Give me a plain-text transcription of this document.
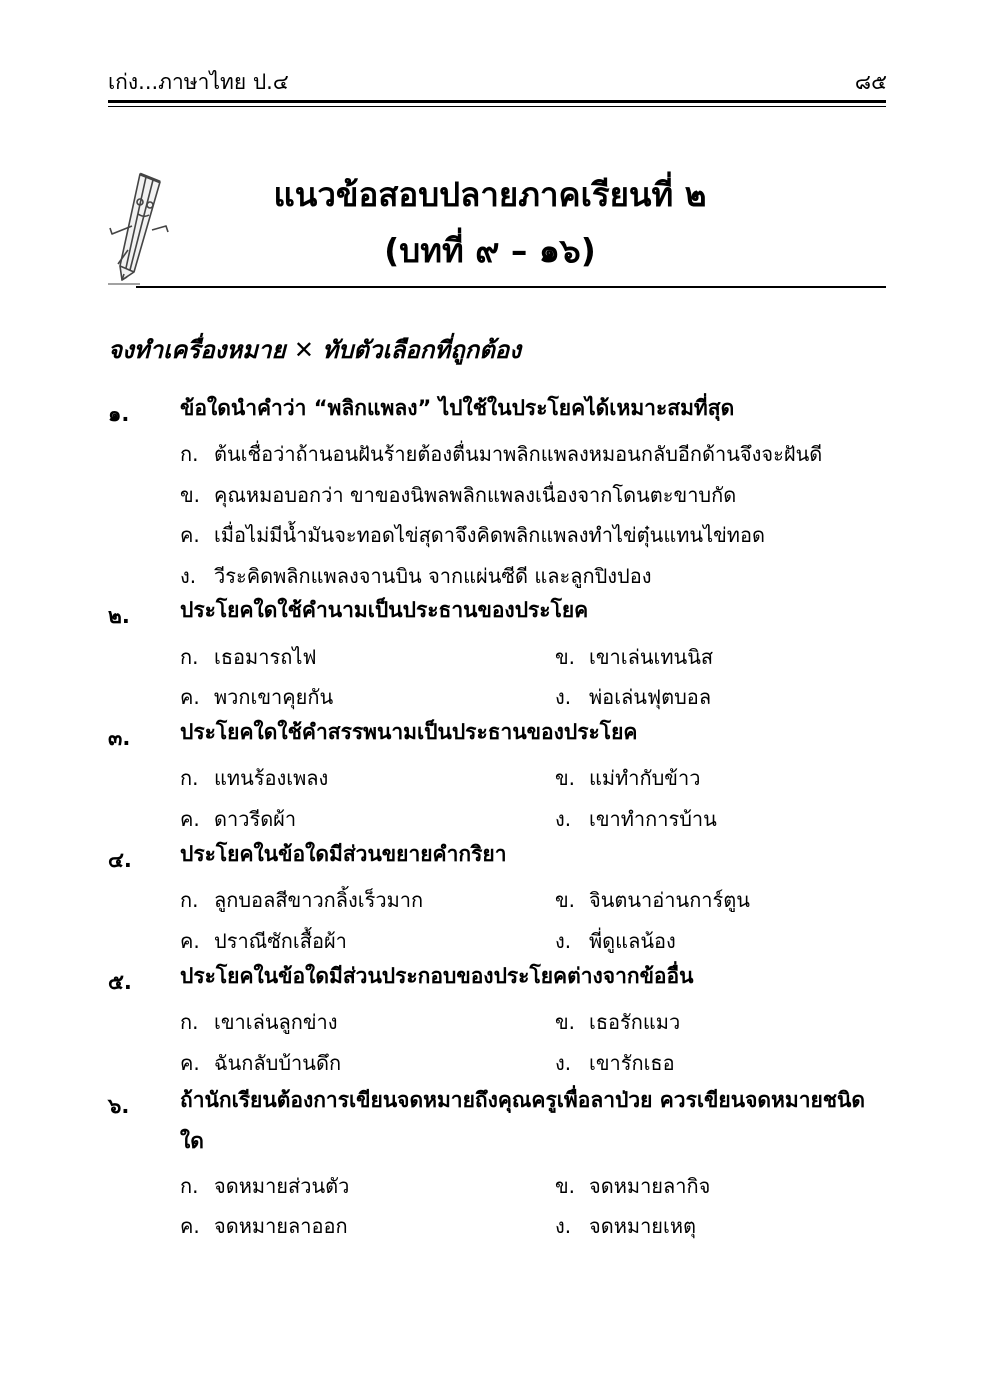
เก่ง...ภาษาไทย ป.๔	๘๕
แนวข้อสอบปลายภาคเรียนที่ ๒
(บทที่ ๙ – ๑๖)
จงทำเครื่องหมาย ✕ ทับตัวเลือกที่ถูกต้อง
๑. ข้อใดนำคำว่า “พลิกแพลง” ไปใช้ในประโยคได้เหมาะสมที่สุด
ก. ต้นเชื่อว่าถ้านอนฝันร้ายต้องตื่นมาพลิกแพลงหมอนกลับอีกด้านจึงจะฝันดี
ข. คุณหมอบอกว่า ขาของนิพลพลิกแพลงเนื่องจากโดนตะขาบกัด
ค. เมื่อไม่มีน้ำมันจะทอดไข่สุดาจึงคิดพลิกแพลงทำไข่ตุ๋นแทนไข่ทอด
ง. วีระคิดพลิกแพลงจานบิน จากแผ่นซีดี และลูกปิงปอง
๒. ประโยคใดใช้คำนามเป็นประธานของประโยค
ก. เธอมารถไฟ	ข. เขาเล่นเทนนิส
ค. พวกเขาคุยกัน	ง. พ่อเล่นฟุตบอล
๓. ประโยคใดใช้คำสรรพนามเป็นประธานของประโยค
ก. แทนร้องเพลง	ข. แม่ทำกับข้าว
ค. ดาวรีดผ้า	ง. เขาทำการบ้าน
๔. ประโยคในข้อใดมีส่วนขยายคำกริยา
ก. ลูกบอลสีขาวกลิ้งเร็วมาก	ข. จินตนาอ่านการ์ตูน
ค. ปราณีซักเสื้อผ้า	ง. พี่ดูแลน้อง
๕. ประโยคในข้อใดมีส่วนประกอบของประโยคต่างจากข้ออื่น
ก. เขาเล่นลูกข่าง	ข. เธอรักแมว
ค. ฉันกลับบ้านดึก	ง. เขารักเธอ
๖. ถ้านักเรียนต้องการเขียนจดหมายถึงคุณครูเพื่อลาป่วย ควรเขียนจดหมายชนิดใด
ก. จดหมายส่วนตัว	ข. จดหมายลากิจ
ค. จดหมายลาออก	ง. จดหมายเหตุ
